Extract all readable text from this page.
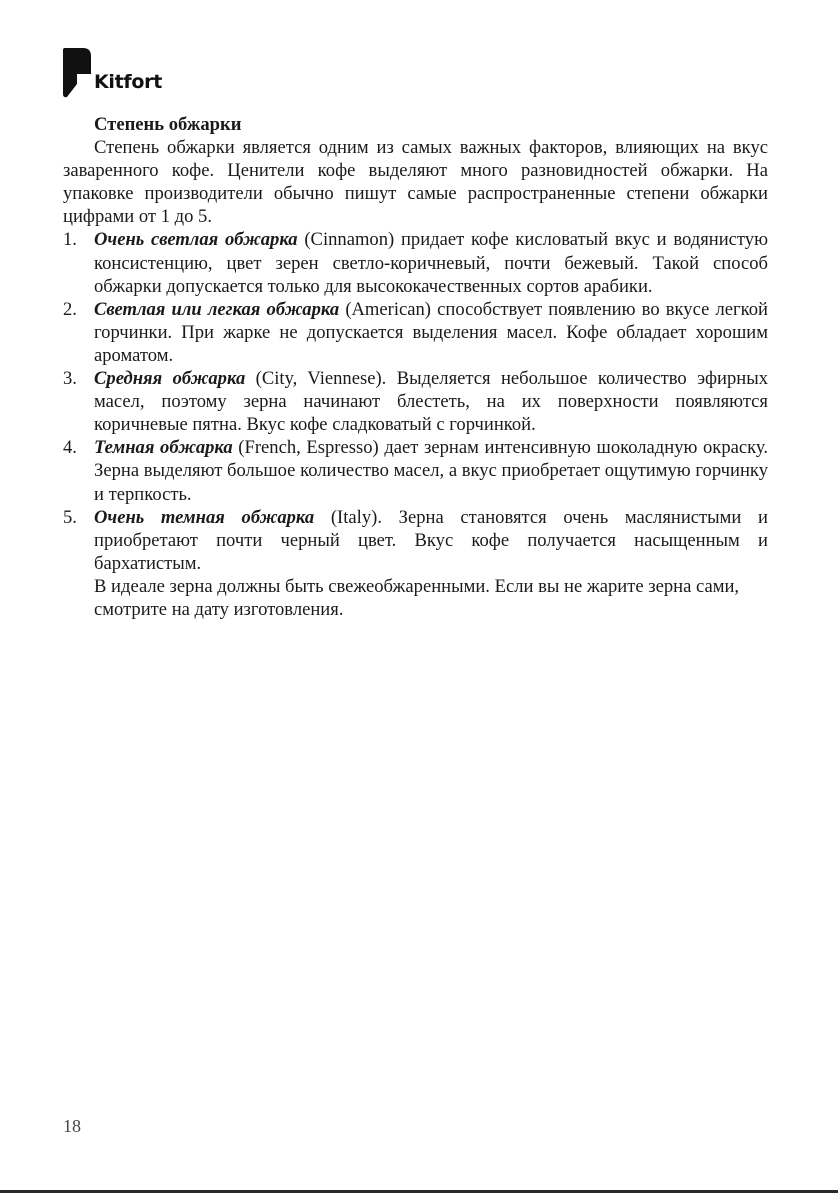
Kitfort

Степень обжарки

Степень обжарки является одним из самых важных факторов, влияющих на вкус заваренного кофе. Ценители кофе выделяют много разновидностей обжарки. На упаковке производители обычно пишут самые распространенные степени обжарки цифрами от 1 до 5.

1. Очень светлая обжарка (Cinnamon) придает кофе кисловатый вкус и водянистую консистенцию, цвет зерен светло-коричневый, почти бежевый. Такой способ обжарки допускается только для высококачественных сортов арабики.
2. Светлая или легкая обжарка (American) способствует появлению во вкусе легкой горчинки. При жарке не допускается выделения масел. Кофе обладает хорошим ароматом.
3. Средняя обжарка (City, Viennese). Выделяется небольшое количество эфирных масел, поэтому зерна начинают блестеть, на их поверхности появляются коричневые пятна. Вкус кофе сладковатый с горчинкой.
4. Темная обжарка (French, Espresso) дает зернам интенсивную шоколадную окраску. Зерна выделяют большое количество масел, а вкус приобретает ощутимую горчинку и терпкость.
5. Очень темная обжарка (Italy). Зерна становятся очень маслянистыми и приобретают почти черный цвет. Вкус кофе получается насыщенным и бархатистым.

В идеале зерна должны быть свежеобжаренными. Если вы не жарите зерна сами, смотрите на дату изготовления.

18
